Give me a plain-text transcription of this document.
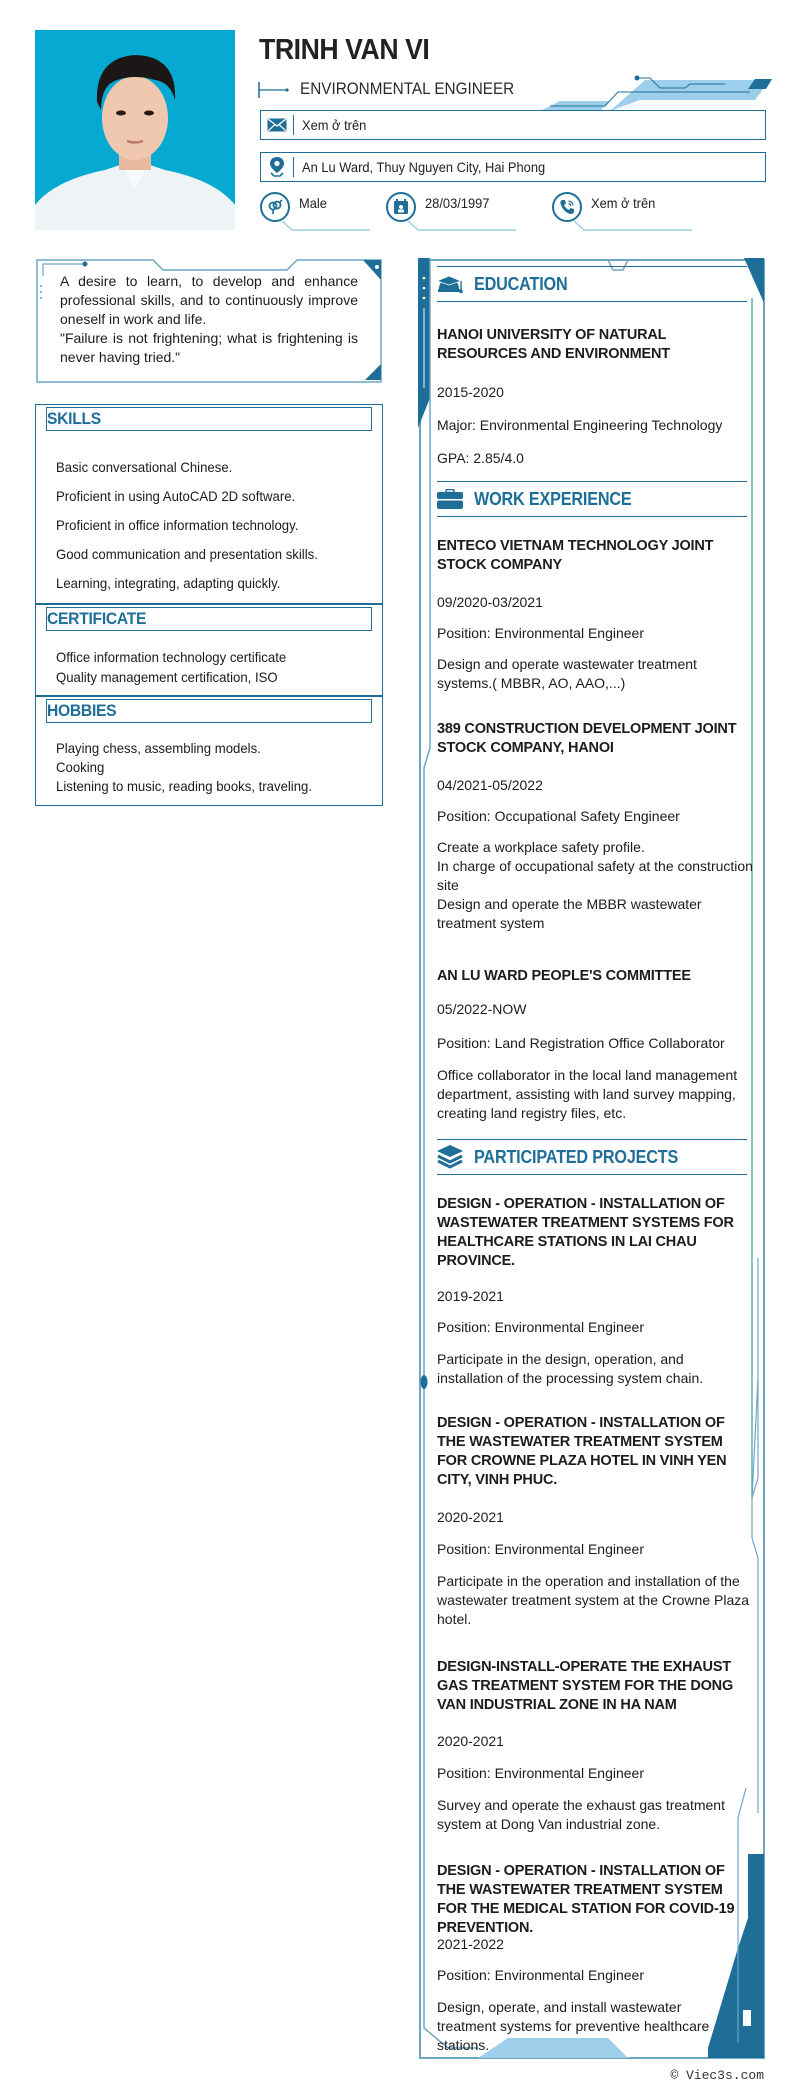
TRINH VAN VI
ENVIRONMENTAL ENGINEER
Xem ở trên
An Lu Ward, Thuy Nguyen City, Hai Phong
Male	28/03/1997	Xem ở trên

A desire to learn, to develop and enhance professional skills, and to continuously improve oneself in work and life.

"Failure is not frightening; what is frightening is never having tried."

SKILLS
Basic conversational Chinese.
Proficient in using AutoCAD 2D software.
Proficient in office information technology.
Good communication and presentation skills.
Learning, integrating, adapting quickly.
CERTIFICATE
Office information technology certificate
Quality management certification, ISO
HOBBIES
Playing chess, assembling models.
Cooking
Listening to music, reading books, traveling.
EDUCATION
HANOI UNIVERSITY OF NATURAL RESOURCES AND ENVIRONMENT
2015-2020
Major: Environmental Engineering Technology
GPA: 2.85/4.0
WORK EXPERIENCE
ENTECO VIETNAM TECHNOLOGY JOINT STOCK COMPANY
09/2020-03/2021
Position: Environmental Engineer
Design and operate wastewater treatment systems.( MBBR, AO, AAO,...)
389 CONSTRUCTION DEVELOPMENT JOINT STOCK COMPANY, HANOI
04/2021-05/2022
Position: Occupational Safety Engineer
Create a workplace safety profile.
In charge of occupational safety at the construction site
Design and operate the MBBR wastewater treatment system
AN LU WARD PEOPLE'S COMMITTEE
05/2022-NOW
Position: Land Registration Office Collaborator
Office collaborator in the local land management department, assisting with land survey mapping, creating land registry files, etc.
PARTICIPATED PROJECTS
DESIGN - OPERATION - INSTALLATION OF WASTEWATER TREATMENT SYSTEMS FOR HEALTHCARE STATIONS IN LAI CHAU PROVINCE.
2019-2021
Position: Environmental Engineer
Participate in the design, operation, and installation of the processing system chain.
DESIGN - OPERATION - INSTALLATION OF THE WASTEWATER TREATMENT SYSTEM FOR CROWNE PLAZA HOTEL IN VINH YEN CITY, VINH PHUC.
2020-2021
Position: Environmental Engineer
Participate in the operation and installation of the wastewater treatment system at the Crowne Plaza hotel.
DESIGN-INSTALL-OPERATE THE EXHAUST GAS TREATMENT SYSTEM FOR THE DONG VAN INDUSTRIAL ZONE IN HA NAM
2020-2021
Position: Environmental Engineer
Survey and operate the exhaust gas treatment system at Dong Van industrial zone.
DESIGN - OPERATION - INSTALLATION OF THE WASTEWATER TREATMENT SYSTEM FOR THE MEDICAL STATION FOR COVID-19 PREVENTION.
2021-2022
Position: Environmental Engineer
Design, operate, and install wastewater treatment systems for preventive healthcare stations.
© Viec3s.com
